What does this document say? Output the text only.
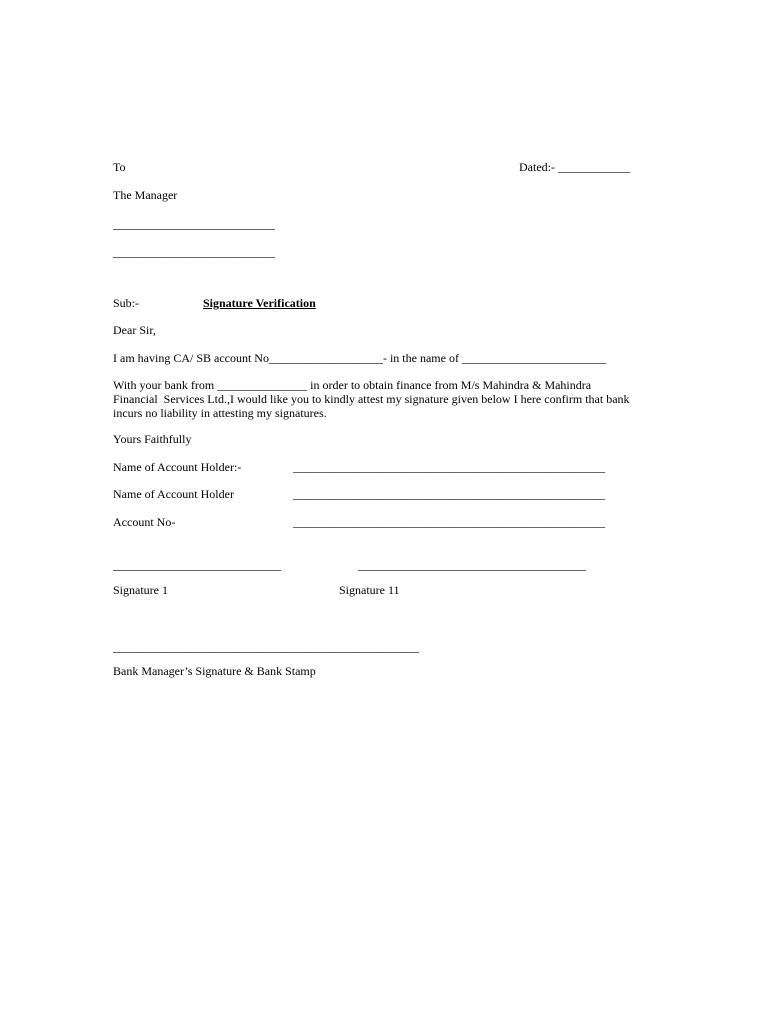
To	Dated:- ____________
The Manager
___________________________
___________________________
Sub:-	Signature Verification
Dear Sir,
I am having CA/ SB account No___________________- in the name of ________________________
With your bank from _______________ in order to obtain finance from M/s Mahindra & Mahindra
Financial  Services Ltd.,I would like you to kindly attest my signature given below I here confirm that bank
incurs no liability in attesting my signatures.
Yours Faithfully
Name of Account Holder:-	____________________________________________________
Name of Account Holder	____________________________________________________
Account No-	____________________________________________________
____________________________	______________________________________
Signature 1	Signature 11
___________________________________________________
Bank Manager’s Signature & Bank Stamp
